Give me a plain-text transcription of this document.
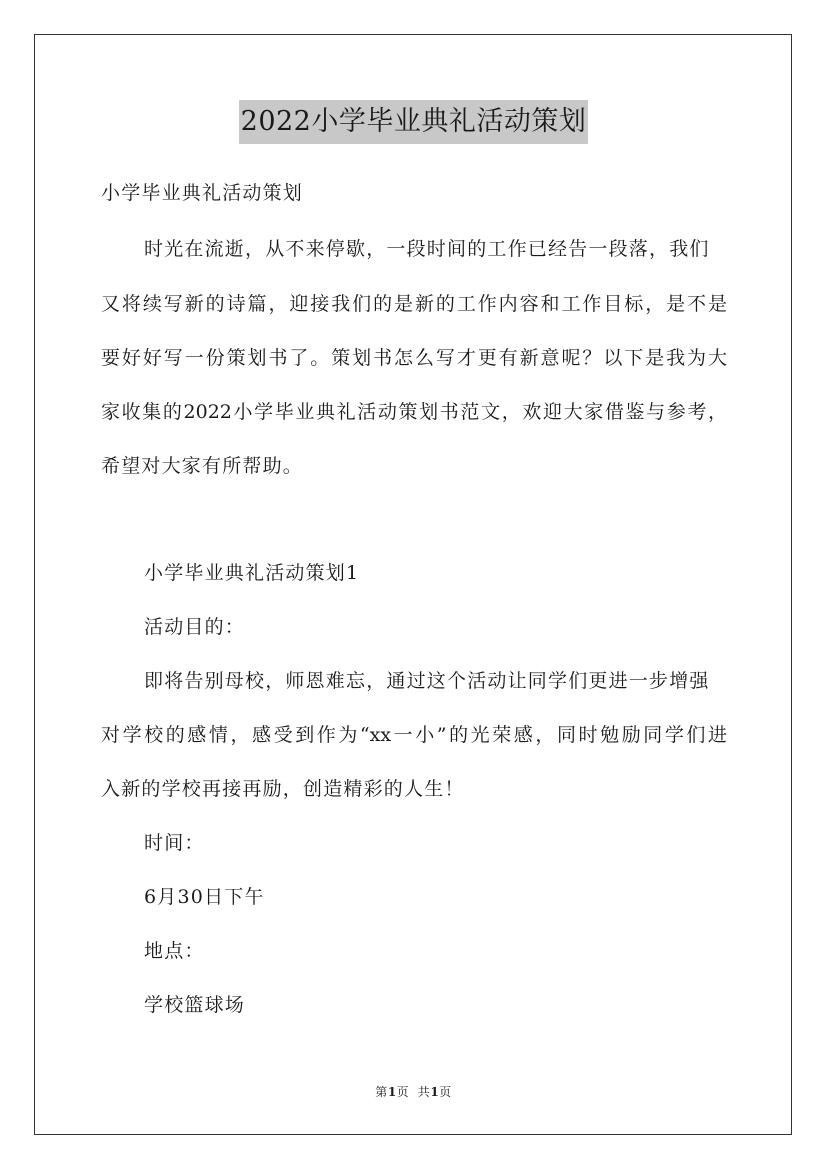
2022小学毕业典礼活动策划
小学毕业典礼活动策划
时光在流逝，从不来停歇，一段时间的工作已经告一段落，我们
又将续写新的诗篇，迎接我们的是新的工作内容和工作目标，是不是
要好好写一份策划书了。策划书怎么写才更有新意呢？以下是我为大
家收集的2022小学毕业典礼活动策划书范文，欢迎大家借鉴与参考，
希望对大家有所帮助。
小学毕业典礼活动策划1
活动目的：
即将告别母校，师恩难忘，通过这个活动让同学们更进一步增强
对学校的感情，感受到作为“xx一小”的光荣感，同时勉励同学们进
入新的学校再接再励，创造精彩的人生！
时间：
6月30日下午
地点：
学校篮球场
第1页  共1页
